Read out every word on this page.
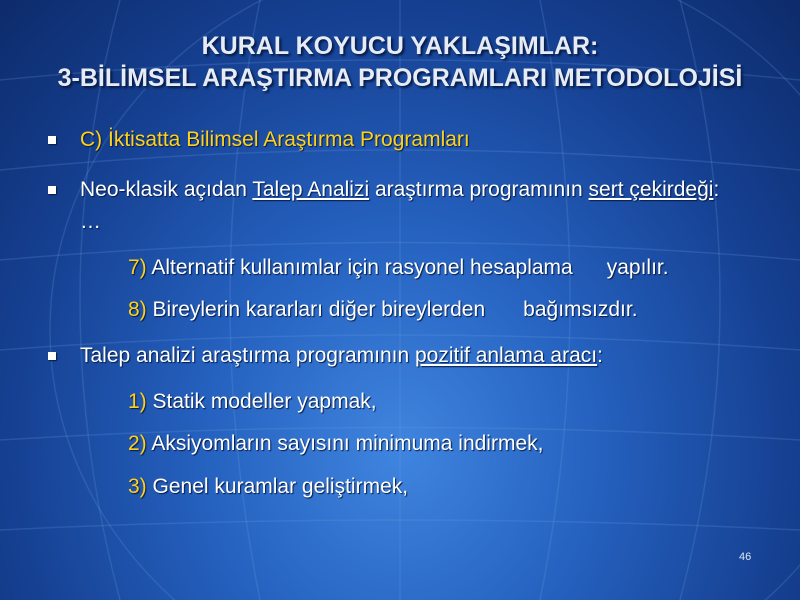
KURAL KOYUCU YAKLAŞIMLAR:
3-BİLİMSEL ARAŞTIRMA PROGRAMLARI METODOLOJİSİ
C) İktisatta Bilimsel Araştırma Programları
Neo-klasik açıdan Talep Analizi araştırma programının sert çekirdeği:
…
7) Alternatif kullanımlar için rasyonel hesaplama yapılır.
8) Bireylerin kararları diğer bireylerden bağımsızdır.
Talep analizi araştırma programının pozitif anlama aracı:
1) Statik modeller yapmak,
2) Aksiyomların sayısını minimuma indirmek,
3) Genel kuramlar geliştirmek,
46
